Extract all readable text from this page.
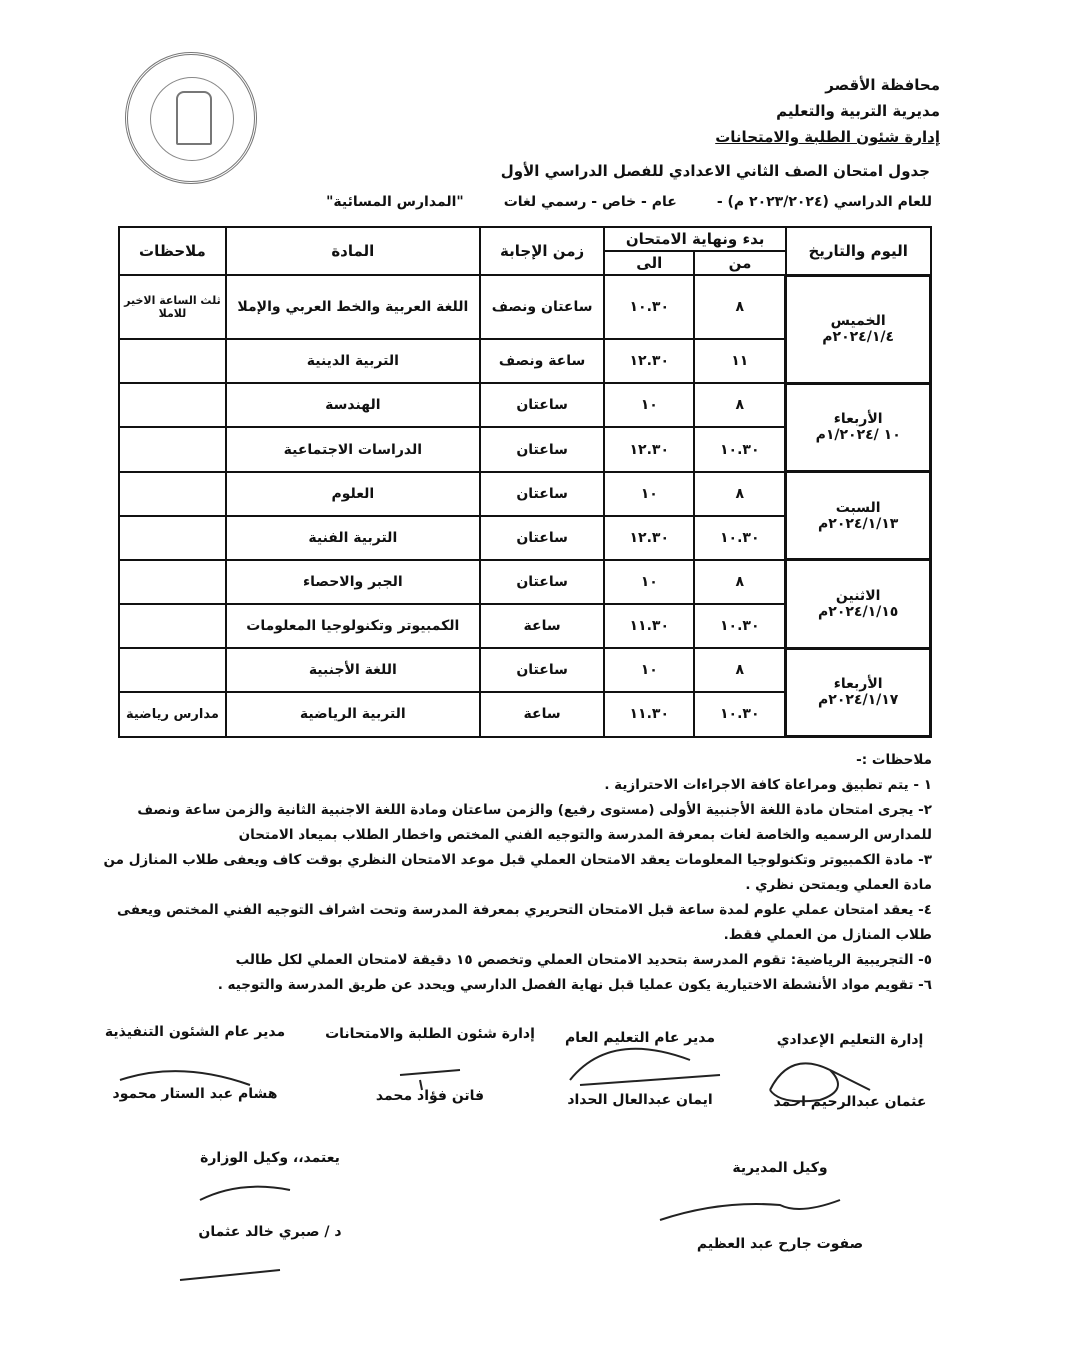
محافظة الأقصر
مديرية التربية والتعليم
إدارة شئون الطلبة والامتحانات
جدول امتحان الصف الثاني الاعدادي للفصل الدراسي الأول
للعام الدراسي (٢٠٢٣/٢٠٢٤ م) -عام - خاص - رسمي لغات"المدارس المسائية"
اليوم والتاريخ	بدء ونهاية الامتحان		زمن الإجابة	المادة	ملاحظات
	من	الى			

الخميس
٢٠٢٤/١/٤م	٨	١٠.٣٠	ساعتان ونصف	اللغة العربية والخط العربي والإملا	ثلث الساعة الاخير للاملا
	١١	١٢.٣٠	ساعة ونصف	التربية الدينية	

الأربعاء
١٠ /١/٢٠٢٤م	٨	١٠	ساعتان	الهندسة	
	١٠.٣٠	١٢.٣٠	ساعتان	الدراسات الاجتماعية	

السبت
٢٠٢٤/١/١٣م	٨	١٠	ساعتان	العلوم	
	١٠.٣٠	١٢.٣٠	ساعتان	التربية الفنية	

الاثنين
٢٠٢٤/١/١٥م	٨	١٠	ساعتان	الجبر والاحصاء	
	١٠.٣٠	١١.٣٠	ساعة	الكمبيوتر وتكنولوجيا المعلومات	

الأربعاء
٢٠٢٤/١/١٧م	٨	١٠	ساعتان	اللغة الأجنبية	
	١٠.٣٠	١١.٣٠	ساعة	التربية الرياضية	مدارس رياضية

ملاحظات :-

١ - يتم تطبيق ومراعاة كافة الاجراءات الاحترازية .

٢- يجرى امتحان مادة اللغة الأجنبية الأولى (مستوى رفيع) والزمن ساعتان ومادة اللغة الاجنبية الثانية والزمن ساعة ونصف للمدارس الرسميه والخاصة لغات بمعرفة المدرسة والتوجيه الفني المختص واخطار الطلاب بميعاد الامتحان

٣- مادة الكمبيوتر وتكنولوجيا المعلومات يعقد الامتحان العملي قبل موعد الامتحان النظري بوقت كاف ويعفى طلاب المنازل من مادة العملي ويمتحن نظري .

٤- يعقد امتحان عملي علوم لمدة ساعة قبل الامتحان التحريري بمعرفة المدرسة وتحت اشراف التوجيه الفني المختص ويعفى طلاب المنازل من العملي فقط.

٥- التجريبية الرياضية: تقوم المدرسة بتحديد الامتحان العملي وتخصص ١٥ دقيقة لامتحان العملي لكل طالب

٦- تقويم مواد الأنشطة الاختيارية يكون عمليا قبل نهاية الفصل الدارسي ويحدد عن طريق المدرسة والتوجيه .

إدارة التعليم الإعدادي
عثمان عبدالرحيم احمد
مدير عام التعليم العام
ايمان عبدالعال الحداد
إدارة شئون الطلبة والامتحانات
فاتن فؤاد محمد
مدير عام الشئون التنفيذية
هشام عبد الستار محمود
وكيل المديرية
صفوت جارح عبد العظيم
يعتمد،، وكيل الوزارة
د / صبري خالد عثمان
